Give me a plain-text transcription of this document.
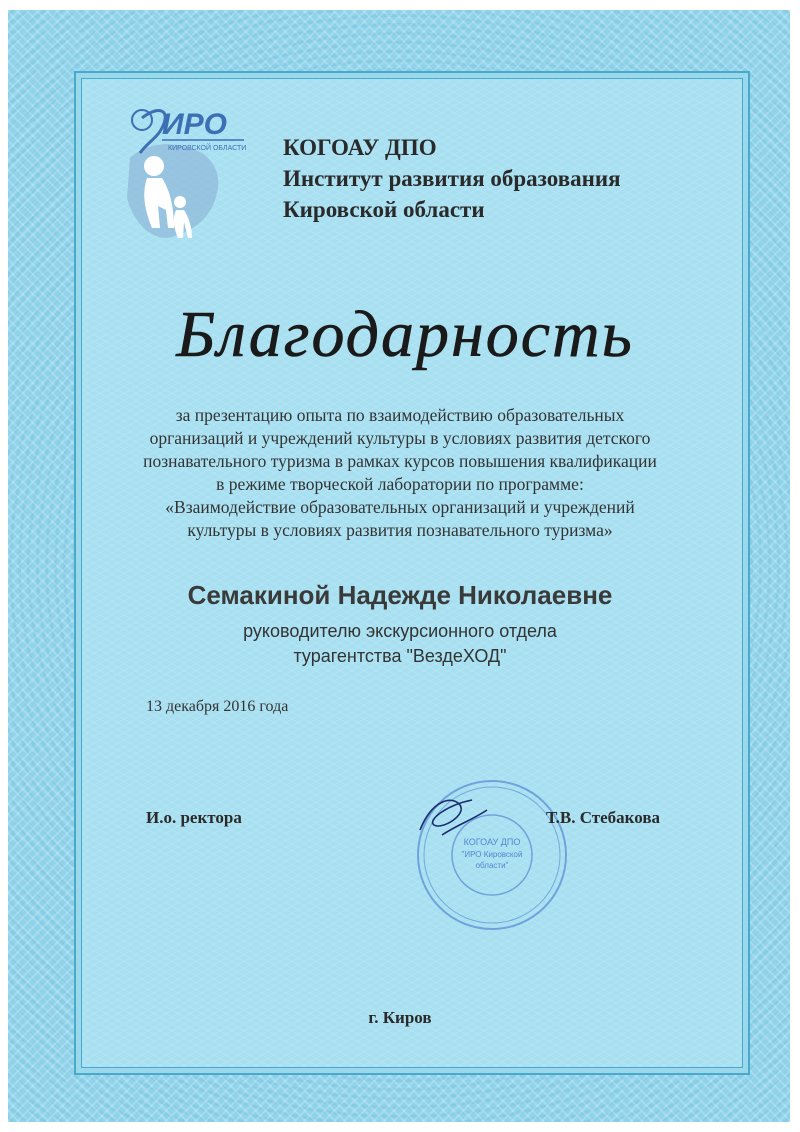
ИРО
КИРОВСКОЙ ОБЛАСТИ КОГОАУ ДПО
Институт развития образования
Кировской области
Благодарность
за презентацию опыта по взаимодействию образовательных
организаций и учреждений культуры в условиях развития детского
познавательного туризма в рамках курсов повышения квалификации
в режиме творческой лаборатории по программе:
«Взаимодействие образовательных организаций и учреждений
культуры в условиях развития познавательного туризма»
Семакиной Надежде Николаевне
руководителю экскурсионного отдела
турагентства "ВездеХОД"
13 декабря 2016 года
КОГОАУ ДПО
"ИРО Кировской
области"
И.о. ректора	Т.В. Стебакова
г. Киров
